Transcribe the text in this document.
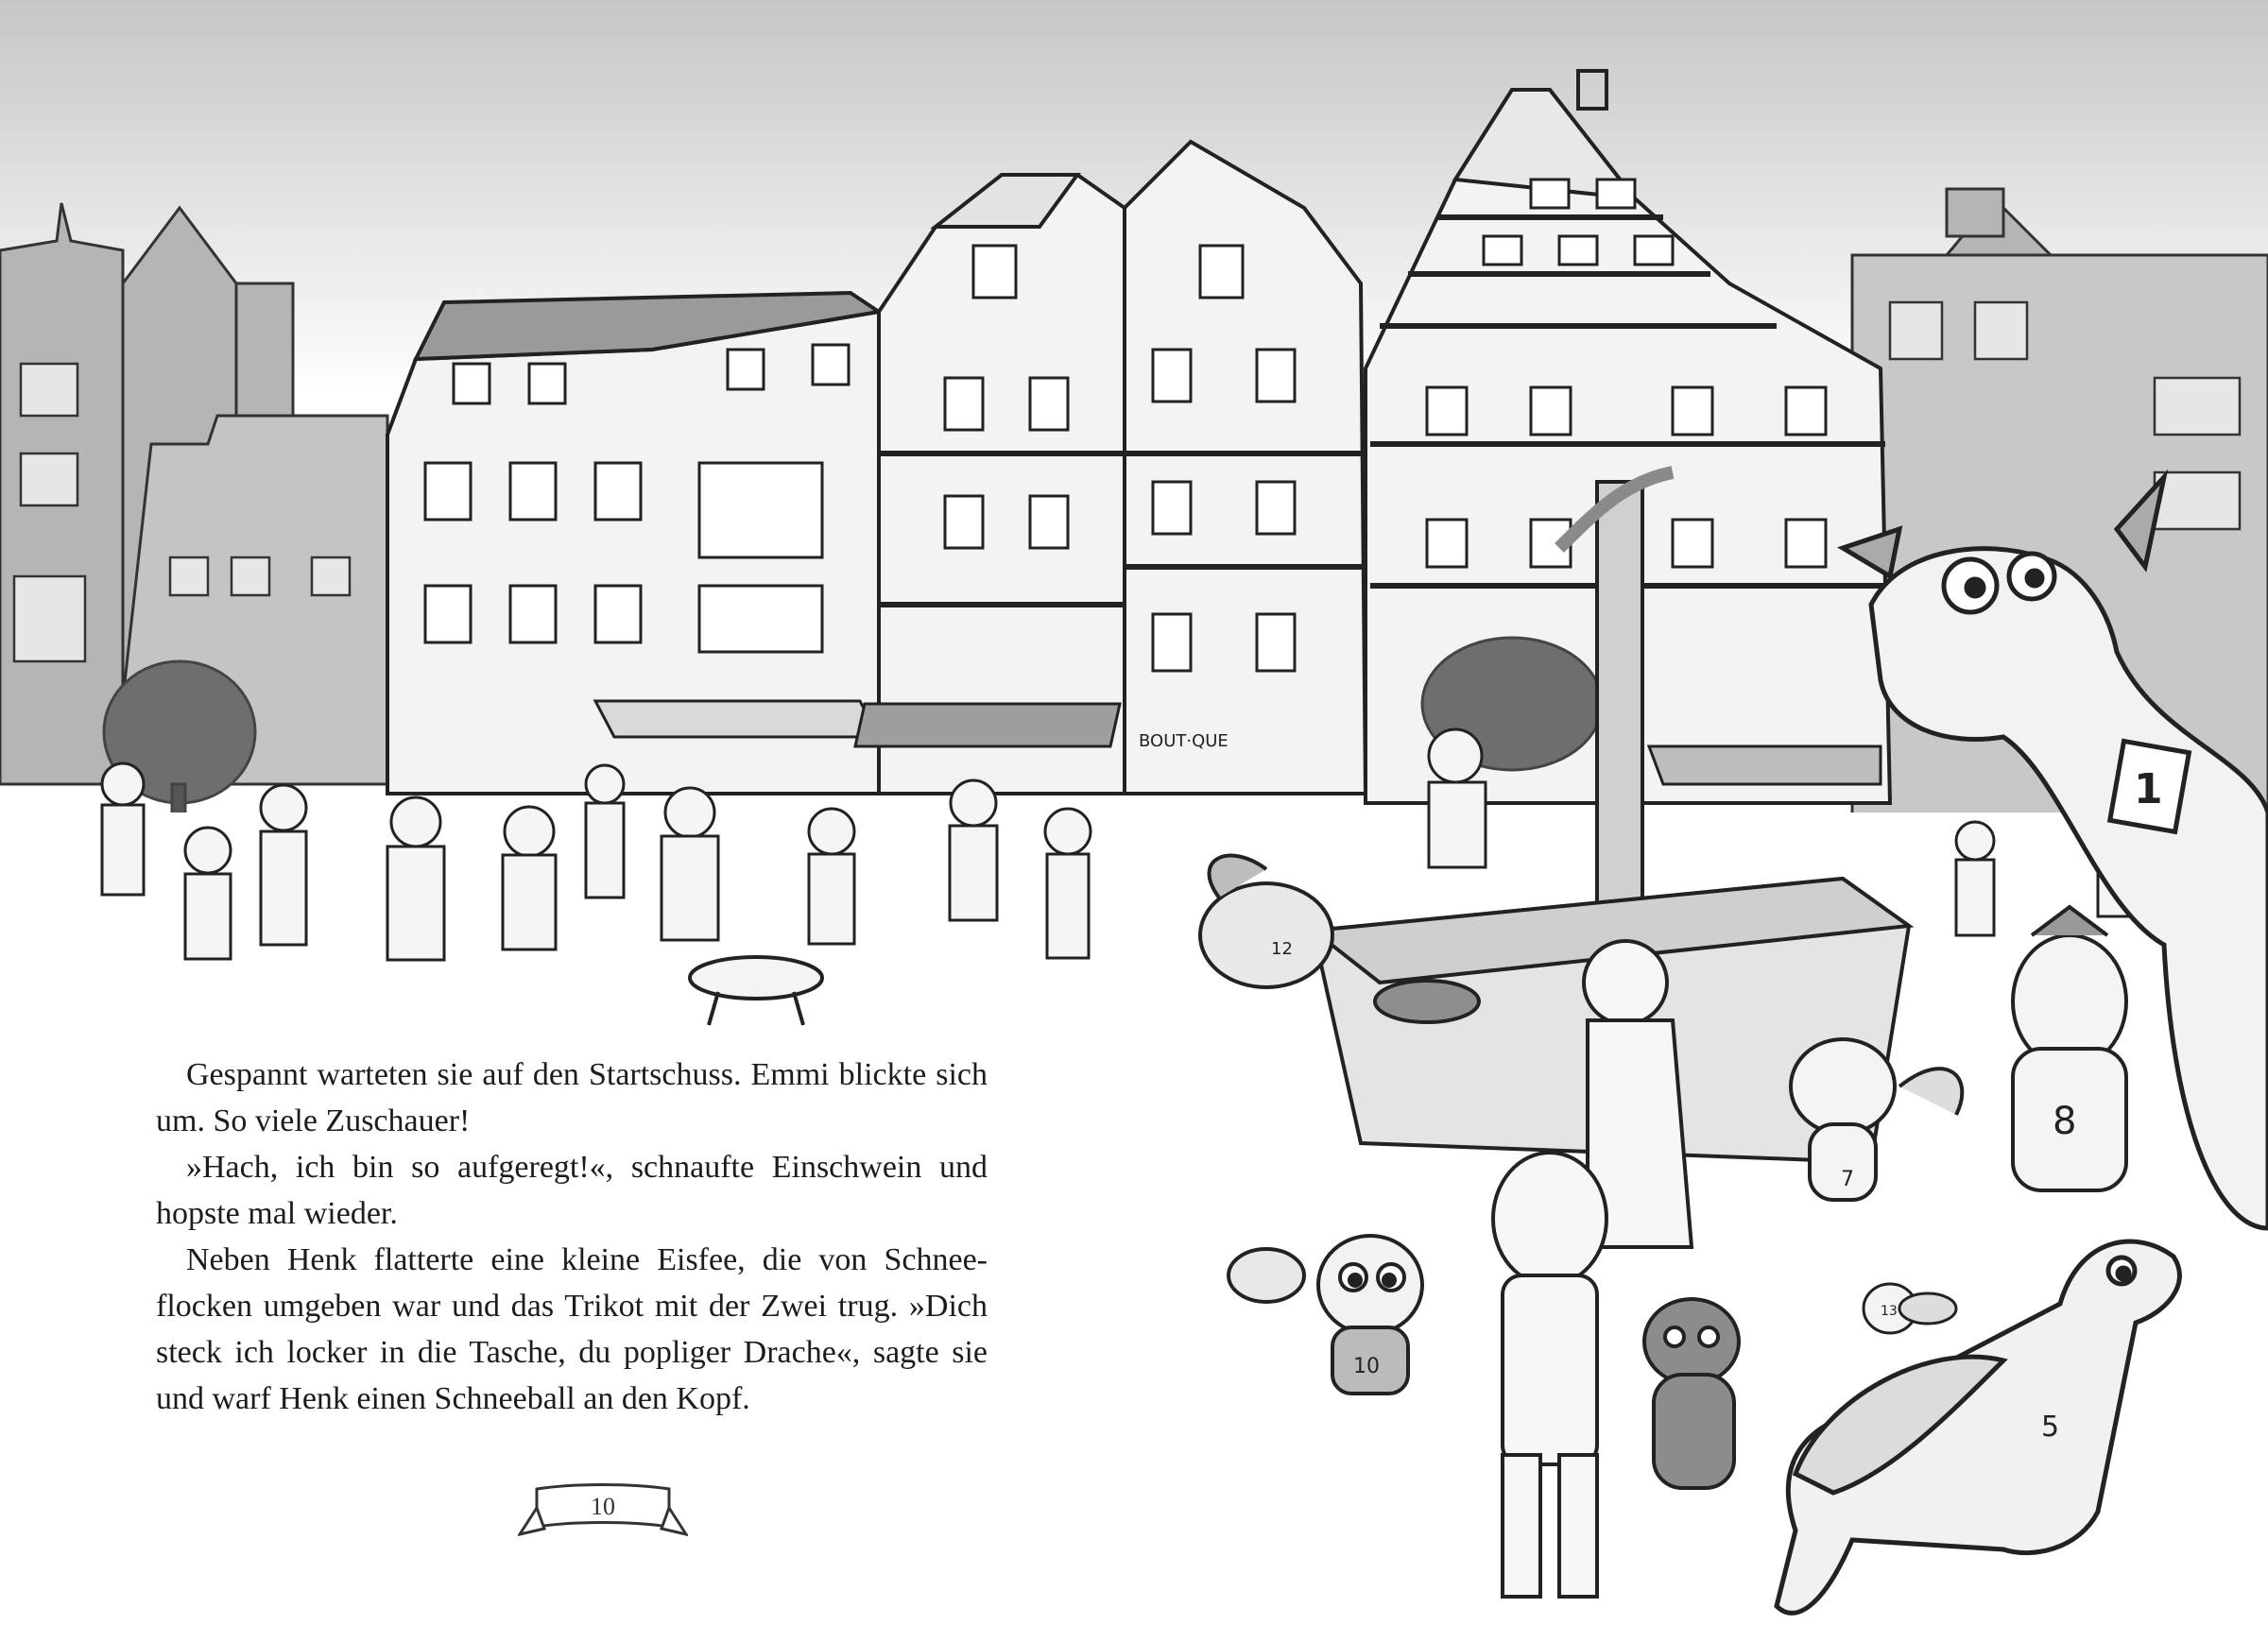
BOUT·QUE
1
8
10
7
13
5
12

Gespannt warteten sie auf den Startschuss. Emmi blickte sich um. So viele Zuschauer!

»Hach, ich bin so aufgeregt!«, schnaufte Einschwein und hopste mal wieder.

Neben Henk flatterte eine kleine Eisfee, die von Schneeflocken umgeben war und das Trikot mit der Zwei trug. »Dich steck ich locker in die Tasche, du popliger Drache«, sagte sie und warf Henk einen Schneeball an den Kopf.

10
